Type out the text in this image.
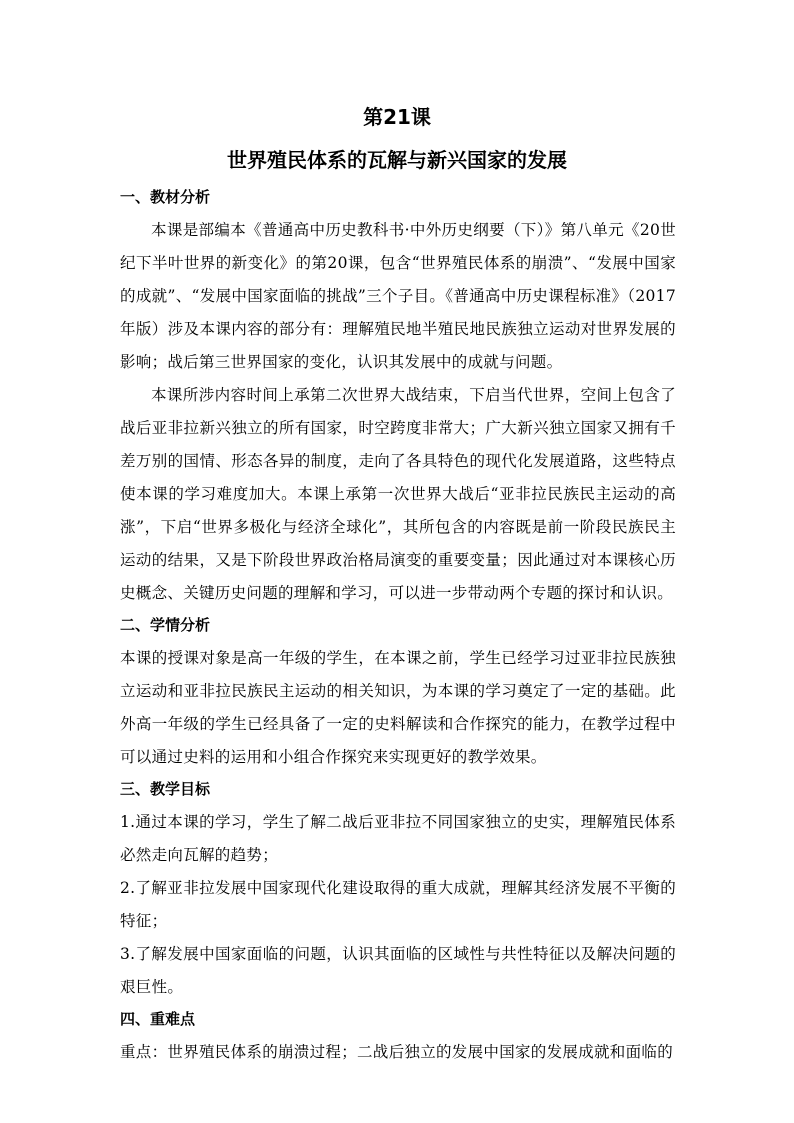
第21课
世界殖民体系的瓦解与新兴国家的发展
一、教材分析

本课是部编本《普通高中历史教科书·中外历史纲要（下）》第八单元《20世纪下半叶世界的新变化》的第20课，包含“世界殖民体系的崩溃”、“发展中国家的成就”、“发展中国家面临的挑战”三个子目。《普通高中历史课程标准》（2017年版）涉及本课内容的部分有：理解殖民地半殖民地民族独立运动对世界发展的影响；战后第三世界国家的变化，认识其发展中的成就与问题。

本课所涉内容时间上承第二次世界大战结束，下启当代世界，空间上包含了战后亚非拉新兴独立的所有国家，时空跨度非常大；广大新兴独立国家又拥有千差万别的国情、形态各异的制度，走向了各具特色的现代化发展道路，这些特点使本课的学习难度加大。本课上承第一次世界大战后“亚非拉民族民主运动的高涨”，下启“世界多极化与经济全球化”，其所包含的内容既是前一阶段民族民主运动的结果，又是下阶段世界政治格局演变的重要变量；因此通过对本课核心历史概念、关键历史问题的理解和学习，可以进一步带动两个专题的探讨和认识。

二、学情分析

本课的授课对象是高一年级的学生，在本课之前，学生已经学习过亚非拉民族独立运动和亚非拉民族民主运动的相关知识，为本课的学习奠定了一定的基础。此外高一年级的学生已经具备了一定的史料解读和合作探究的能力，在教学过程中可以通过史料的运用和小组合作探究来实现更好的教学效果。

三、教学目标

1.通过本课的学习，学生了解二战后亚非拉不同国家独立的史实，理解殖民体系必然走向瓦解的趋势；

2.了解亚非拉发展中国家现代化建设取得的重大成就，理解其经济发展不平衡的特征；

3.了解发展中国家面临的问题，认识其面临的区域性与共性特征以及解决问题的艰巨性。

四、重难点

重点：世界殖民体系的崩溃过程；二战后独立的发展中国家的发展成就和面临的
